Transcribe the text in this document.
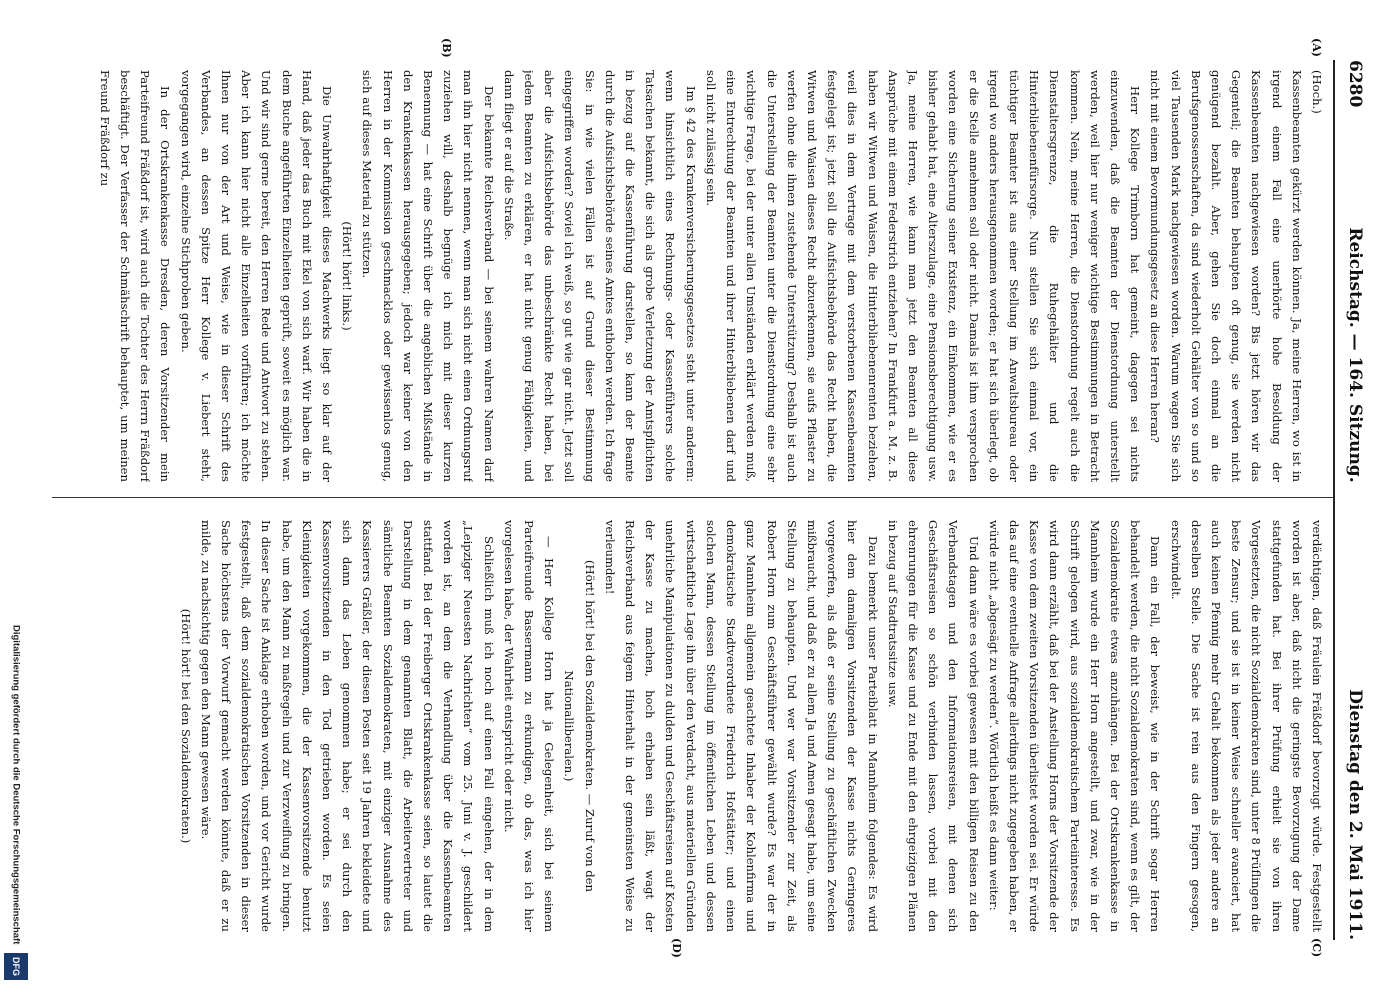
6280
Reichstag. — 164. Sitzung.
Dienstag den 2. Mai 1911.
(A)
(B)
(C)
(D)

(Hoch.)

Kassenbeamten gekürzt werden können. Ja, meine Herren, wo ist in irgend einem Fall eine unerhörte hohe Besoldung der Kassenbeamten nachgewiesen worden? Bis jetzt hören wir das Gegenteil; die Beamten behaupten oft genug, sie werden nicht genügend bezahlt. Aber, gehen Sie doch einmal an die Berufsgenossenschaften, da sind wiederholt Gehälter von so und so viel Tausenden Mark nachgewiesen worden. Warum wagen Sie sich nicht mit einem Bevormundungsgesetz an diese Herren heran?

Herr Kollege Trimborn hat gemeint, dagegen sei nichts einzuwenden, daß die Beamten der Dienstordnung unterstellt werden, weil hier nur weniger wichtige Bestimmungen in Betracht kommen. Nein, meine Herren, die Dienstordnung regelt auch die Dienstaltersgrenze, die Ruhegehälter und die Hinterbliebenenfürsorge. Nun stellen Sie sich einmal vor, ein tüchtiger Beamter ist aus einer Stellung im Anwaltsbureau oder irgend wo anders herausgenommen worden; er hat sich überlegt, ob er die Stelle annehmen soll oder nicht. Damals ist ihm versprochen worden eine Sicherung seiner Existenz, ein Einkommen, wie er es bisher gehabt hat, eine Alterszulage, eine Pensionsberechtigung usw. Ja, meine Herren, wie kann man jetzt den Beamten all diese Ansprüche mit einem Federstrich entziehen? In Frankfurt a. M. z. B. haben wir Witwen und Waisen, die Hinterbliebenenrenten beziehen, weil dies in dem Vertrage mit dem verstorbenen Kassenbeamten festgelegt ist; jetzt soll die Aufsichtsbehörde das Recht haben, die Witwen und Waisen dieses Recht abzuerkennen, sie aufs Pflaster zu werfen ohne die ihnen zustehende Unterstützung? Deshalb ist auch die Unterstellung der Beamten unter die Dienstordnung eine sehr wichtige Frage, bei der unter allen Umständen erklärt werden muß, eine Entrechtung der Beamten und ihrer Hinterbliebenen darf und soll nicht zulässig sein.

Im § 42 des Krankenversicherungsgesetzes steht unter anderem: wenn hinsichtlich eines Rechnungs- oder Kassenführers solche Tatsachen bekannt, die sich als grobe Verletzung der Amtspflichten in bezug auf die Kassenführung darstellen, so kann der Beamte durch die Aufsichtsbehörde seines Amtes enthoben werden. Ich frage Sie: in wie vielen Fällen ist auf Grund dieser Bestimmung eingegriffen worden? Soviel ich weiß, so gut wie gar nicht. Jetzt soll aber die Aufsichtsbehörde das unbeschränkte Recht haben, bei jedem Beamten zu erklären, er hat nicht genug Fähigkeiten, und dann fliegt er auf die Straße.

Der bekannte Reichsverband — bei seinem wahren Namen darf man ihn hier nicht nennen, wenn man sich nicht einen Ordnungsruf zuziehen will, deshalb begnüge ich mich mit dieser kurzen Benennung — hat eine Schrift über die angeblichen Mißstände in den Krankenkassen herausgegeben; jedoch war keiner von den Herren in der Kommission geschmacklos oder gewissenlos genug, sich auf dieses Material zu stützen.

(Hört! hört! links.)

Die Unwahrhaftigkeit dieses Machwerks liegt so klar auf der Hand, daß jeder das Buch mit Ekel von sich warf. Wir haben die in dem Buche angeführten Einzelheiten geprüft, soweit es möglich war. Und wir sind gerne bereit, den Herren Rede und Antwort zu stehen. Aber ich kann hier nicht alle Einzelheiten vorführen; ich möchte Ihnen nur von der Art und Weise, wie in dieser Schrift des Verbandes, an dessen Spitze Herr Kollege v. Liebert steht, vorgegangen wird, einzelne Stichproben geben.

In der Ortskrankenkasse Dresden, deren Vorsitzender mein Parteifreund Fräßdorf ist, wird auch die Tochter des Herrn Fräßdorf beschäftigt. Der Verfasser der Schmähschrift behauptet, um meinen Freund Fräßdorf zu

verdächtigen, daß Fräulein Fräßdorf bevorzugt würde. Festgestellt worden ist aber, daß nicht die geringste Bevorzugung der Dame stattgefunden hat. Bei ihrer Prüfung erhielt sie von ihren Vorgesetzten, die nicht Sozialdemokraten sind, unter 8 Prüflingen die beste Zensur; und sie ist in keiner Weise schneller avanciert, hat auch keinen Pfennig mehr Gehalt bekommen als jeder andere an derselben Stelle. Die Sache ist rein aus den Fingern gesogen, erschwindelt.

Dann ein Fall, der beweist, wie in der Schrift sogar Herren behandelt werden, die nicht Sozialdemokraten sind, wenn es gilt, der Sozialdemokratie etwas anzuhängen. Bei der Ortskrankenkasse in Mannheim wurde ein Herr Horn angestellt, und zwar, wie in der Schrift gelogen wird, aus sozialdemokratischem Parteiinteresse. Es wird dann erzählt, daß bei der Anstellung Horns der Vorsitzende der Kasse von dem zweiten Vorsitzenden überlistet worden sei. Er würde das auf eine eventuelle Anfrage allerdings nicht zugegeben haben, er würde nicht „abgesägt zu werden“. Wörtlich heißt es dann weiter:

Und dann wäre es vorbei gewesen mit den billigen Reisen zu den Verbandstagen und den Informationsreisen, mit denen sich Geschäftsreisen so schön verbinden lassen, vorbei mit den ehrenrungen für die Kasse und zu Ende mit den ehrgeizigen Plänen in bezug auf Stadtratssitze usw.

Dazu bemerkt unser Parteiblatt in Mannheim folgendes: Es wird hier dem damaligen Vorsitzenden der Kasse nichts Geringeres vorgeworfen, als daß er seine Stellung zu geschäftlichen Zwecken mißbraucht, und daß er zu allem Ja und Amen gesagt habe, um seine Stellung zu behaupten. Und wer war Vorsitzender zur Zeit, als Robert Horn zum Geschäftsführer gewählt wurde? Es war der in ganz Mannheim allgemein geachtete Inhaber der Kohlenfirma und demokratische Stadtverordnete Friedrich Hofstätter; und einen solchen Mann, dessen Stellung im öffentlichen Leben und dessen wirtschaftliche Lage ihn über den Verdacht, aus materiellen Gründen unehrliche Manipulationen zu dulden und Geschäftsreisen auf Kosten der Kasse zu machen, hoch erhaben sein läßt, wagt der Reichsverband aus feigem Hinterhalt in der gemeinsten Weise zu verleumden!

(Hört! hört! bei den Sozialdemokraten. — Zuruf von den Nationalliberalen.)

— Herr Kollege Horn hat ja Gelegenheit, sich bei seinem Parteifreunde Bassermann zu erkundigen, ob das, was ich hier vorgelesen habe, der Wahrheit entspricht oder nicht.

Schließlich muß ich noch auf einen Fall eingehen, der in dem „Leipziger Neuesten Nachrichten“ vom 25. Juni v. J. geschildert worden ist, an dem die Verhandlung über die Kassenbeamten stattfand. Bei der Freiberger Ortskrankenkasse seien, so lautet die Darstellung in dem genannten Blatt, die Arbeitervertreter und sämtliche Beamten Sozialdemokraten, mit einziger Ausnahme des Kassierers Gräßler, der diesen Posten seit 19 Jahren bekleidete und sich dann das Leben genommen habe; er sei durch den Kassenvorsitzenden in den Tod getrieben worden. Es seien Kleinigkeiten vorgekommen, die der Kassenvorsitzende benutzt habe, um den Mann zu maßregeln und zur Verzweiflung zu bringen. In dieser Sache ist Anklage erhoben worden, und vor Gericht wurde festgestellt, daß dem sozialdemokratischen Vorsitzenden in dieser Sache höchstens der Vorwurf gemacht werden könnte, daß er zu milde, zu nachsichtig gegen den Mann gewesen wäre.

(Hört! hört! bei den Sozialdemokraten.)

Digitalisierung gefördert durch die Deutsche Forschungsgemeinschaft DFG
